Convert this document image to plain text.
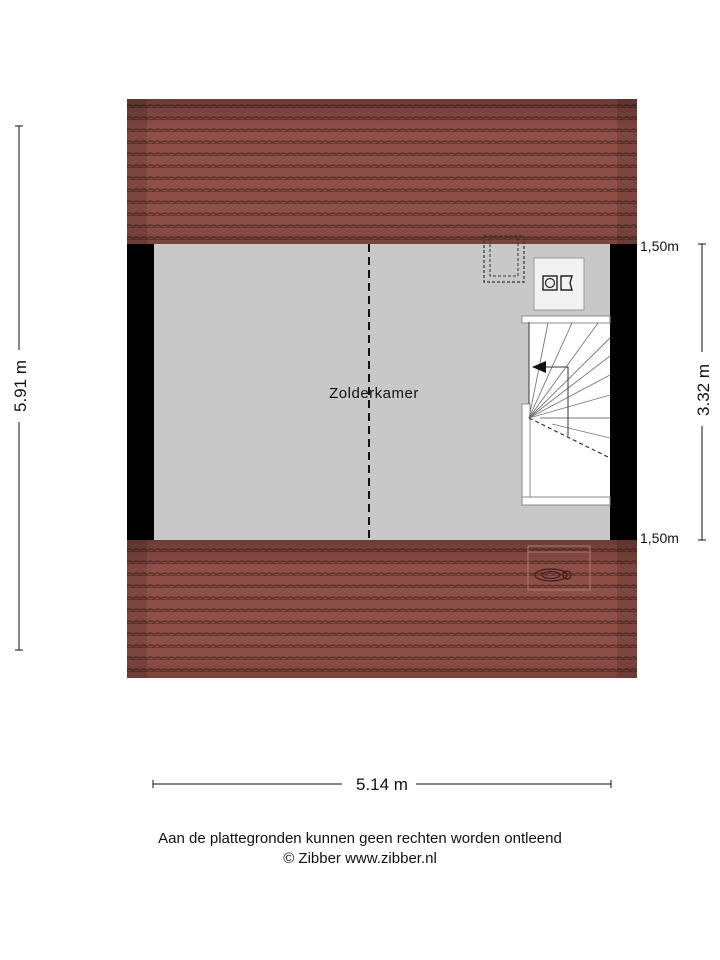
Zolderkamer
5.91 m	3.32 m
1,50m
1,50m
5.14 m
Aan de plattegronden kunnen geen rechten worden ontleend
© Zibber www.zibber.nl
